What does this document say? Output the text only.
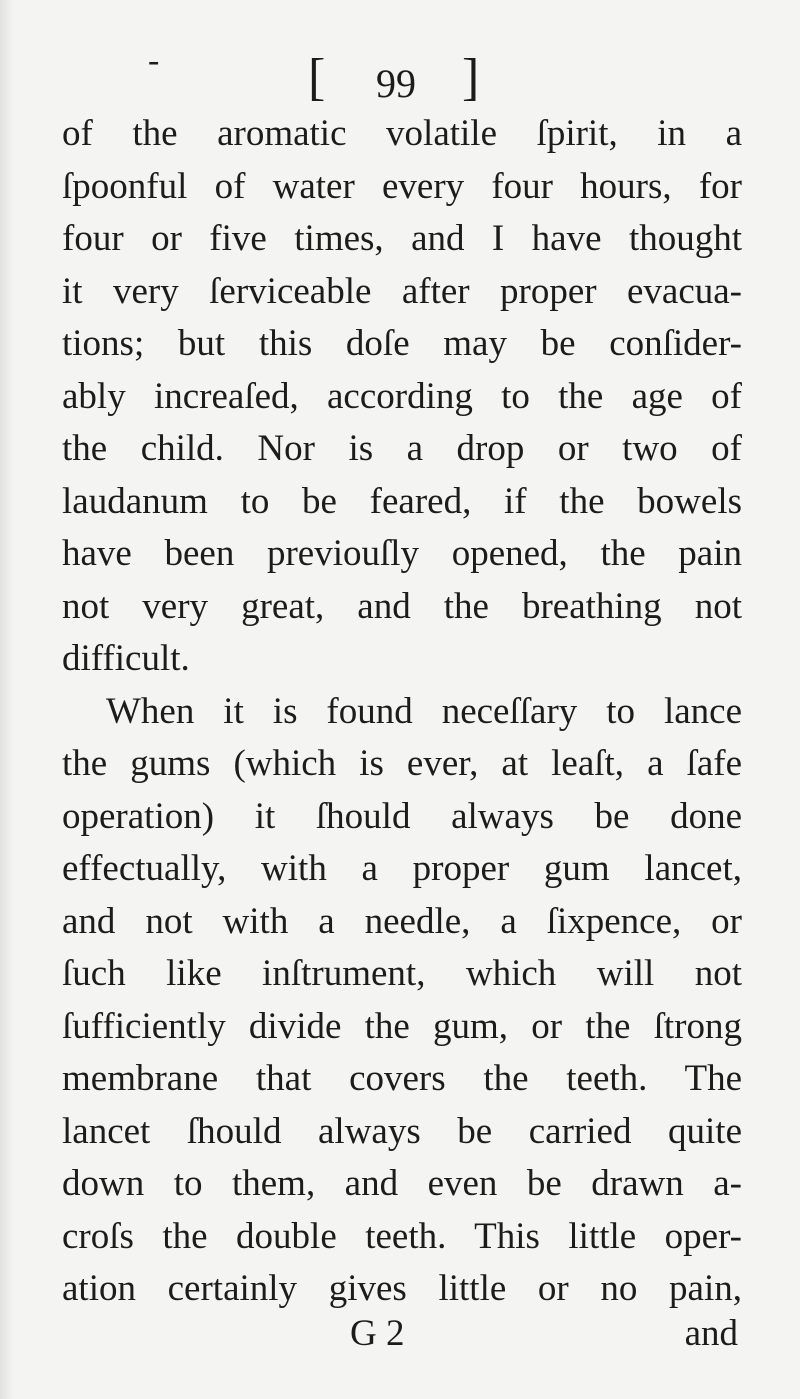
-	[ 99 ]
of the aromatic volatile ſpirit, in a
ſpoonful of water every four hours, for
four or five times, and I have thought
it very ſerviceable after proper evacua-
tions; but this doſe may be conſider-
ably increaſed, according to the age of
the child. Nor is a drop or two of
laudanum to be feared, if the bowels
have been previouſly opened, the pain
not very great, and the breathing not
difficult.
When it is found neceſſary to lance
the gums (which is ever, at leaſt, a ſafe
operation) it ſhould always be done
effectually, with a proper gum lancet,
and not with a needle, a ſixpence, or
ſuch like inſtrument, which will not
ſufficiently divide the gum, or the ſtrong
membrane that covers the teeth. The
lancet ſhould always be carried quite
down to them, and even be drawn a-
croſs the double teeth. This little oper-
ation certainly gives little or no pain,
G 2	and
